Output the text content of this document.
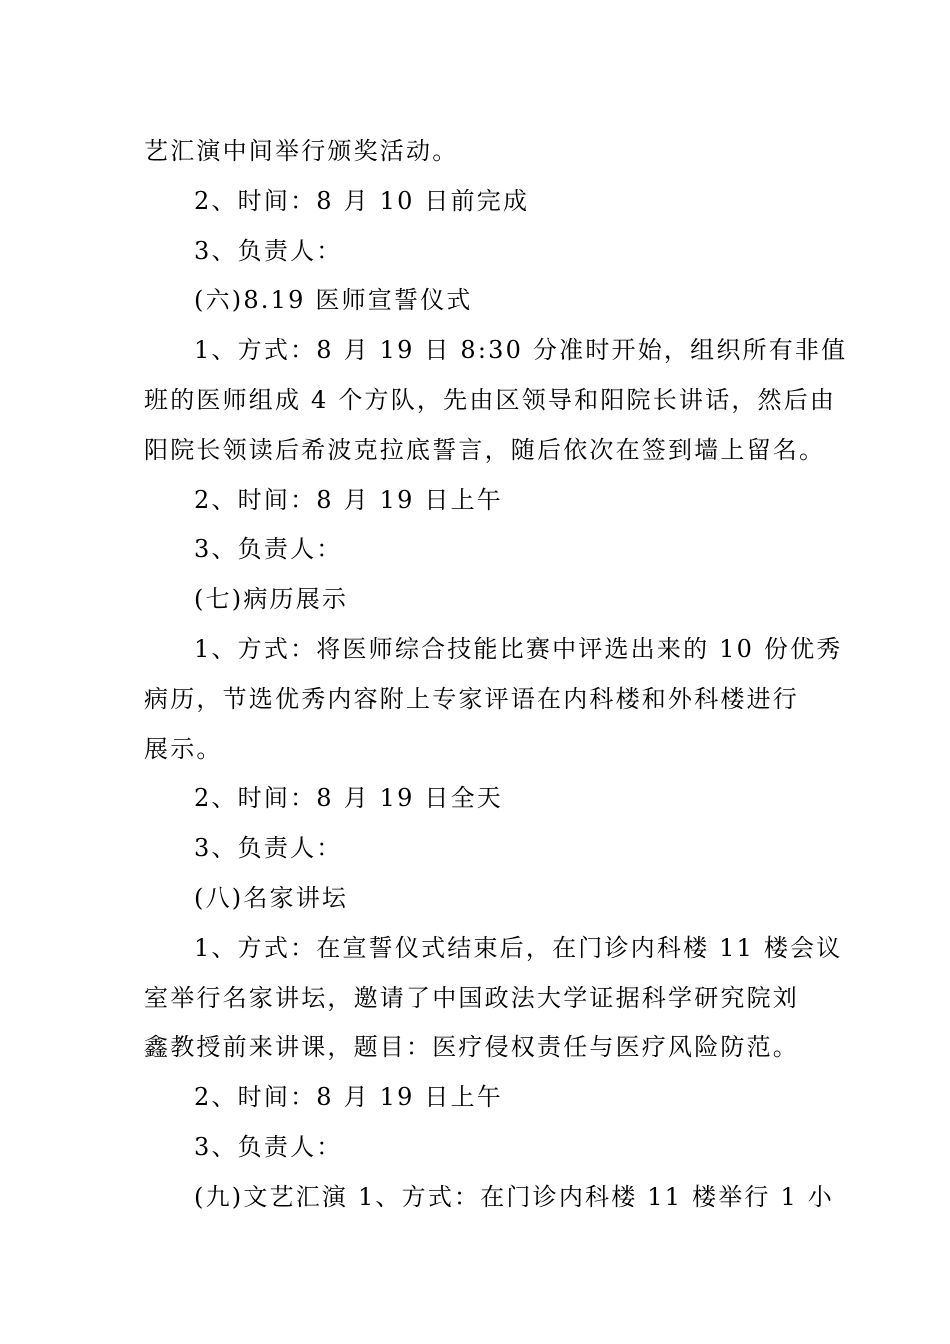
艺汇演中间举行颁奖活动。
2、时间：8 月 10 日前完成
3、负责人：
(六)8.19 医师宣誓仪式
1、方式：8 月 19 日 8:30 分准时开始，组织所有非值
班的医师组成 4 个方队，先由区领导和阳院长讲话，然后由
阳院长领读后希波克拉底誓言，随后依次在签到墙上留名。
2、时间：8 月 19 日上午
3、负责人：
(七)病历展示
1、方式：将医师综合技能比赛中评选出来的 10 份优秀
病历，节选优秀内容附上专家评语在内科楼和外科楼进行
展示。
2、时间：8 月 19 日全天
3、负责人：
(八)名家讲坛
1、方式：在宣誓仪式结束后，在门诊内科楼 11 楼会议
室举行名家讲坛，邀请了中国政法大学证据科学研究院刘
鑫教授前来讲课，题目：医疗侵权责任与医疗风险防范。
2、时间：8 月 19 日上午
3、负责人：
(九)文艺汇演 1、方式：在门诊内科楼 11 楼举行 1 小
